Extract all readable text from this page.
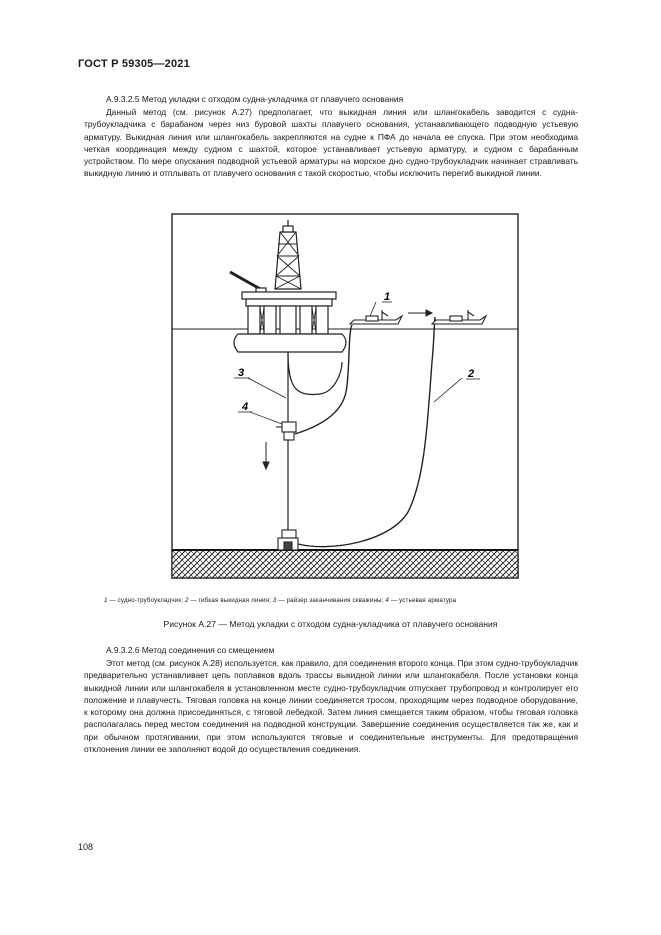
ГОСТ Р 59305—2021
А.9.3.2.5 Метод укладки с отходом судна-укладчика от плавучего основания

Данный метод (см. рисунок А.27) предполагает, что выкидная линия или шлангокабель заводится с судна-трубоукладчика с барабаном через низ буровой шахты плавучего основания, устанавливающего подводную устьевую арматуру. Выкидная линия или шлангокабель закрепляются на судне к ПФА до начала ее спуска. При этом необходима четкая координация между судном с шахтой, которое устанавливает устьевую арматуру, и судном с барабанным устройством. По мере опускания подводной устьевой арматуры на морское дно судно-трубоукладчик начинает стравливать выкидную линию и отплывать от плавучего основания с такой скоростью, чтобы исключить перегиб выкидной линии.

1
2
3
4
1 — судно-трубоукладчик; 2 — гибкая выкидная линия; 3 — райзер заканчивания скважины; 4 — устьевая арматура
Рисунок А.27 — Метод укладки с отходом судна-укладчика от плавучего основания
А.9.3.2.6 Метод соединения со смещением

Этот метод (см. рисунок А.28) используется, как правило, для соединения второго конца. При этом судно-трубоукладчик предварительно устанавливает цепь поплавков вдоль трассы выкидной линии или шлангокабеля. После установки конца выкидной линии или шлангокабеля в установленном месте судно-трубоукладчик отпускает трубопровод и контролирует его положение и плавучесть. Тяговая головка на конце линии соединяется тросом, проходящим через подводное оборудование, к которому она должна присоединяться, с тяговой лебедкой. Затем линия смещается таким образом, чтобы тяговая головка располагалась перед местом соединения на подводной конструкции. Завершение соединения осуществляется так же, как и при обычном протягивании, при этом используются тяговые и соединительные инструменты. Для предотвращения отклонения линии ее заполняют водой до осуществления соединения.

108
